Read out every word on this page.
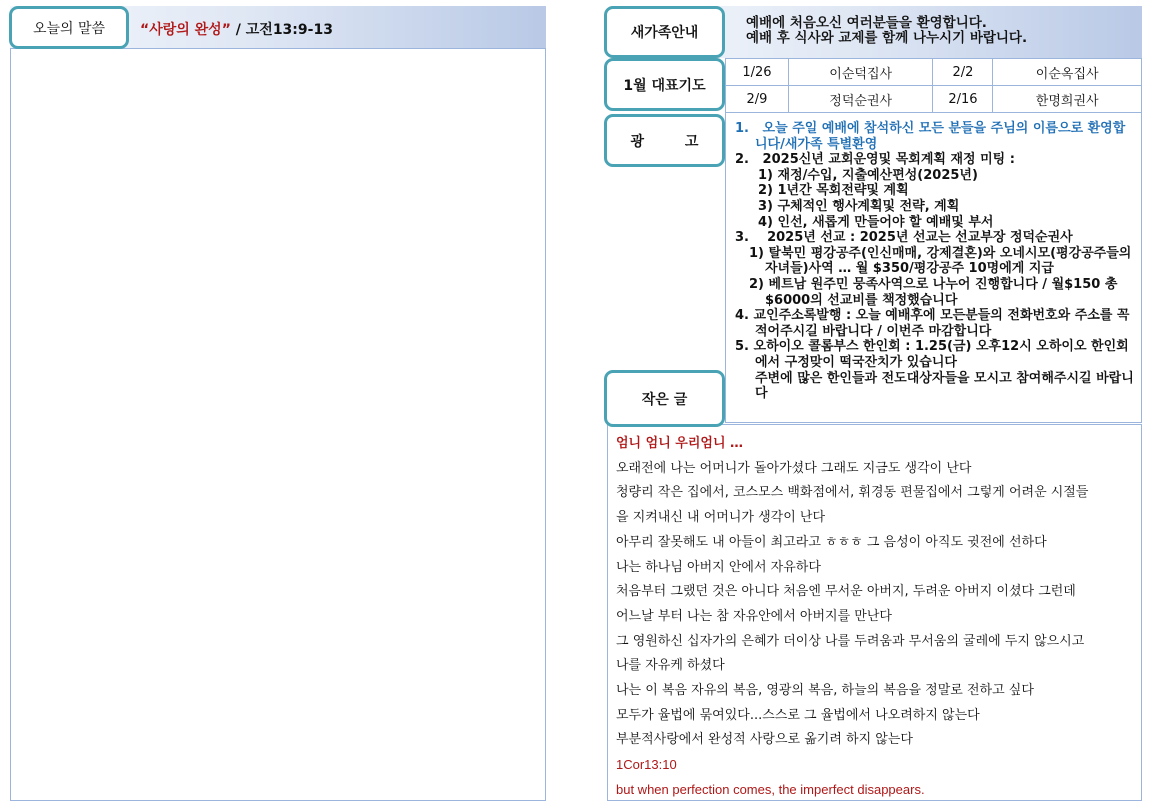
오늘의 말씀	“사랑의 완성” / 고전13:9-13	새가족안내
예배에 처음오신 여러분들을 환영합니다.
예배 후 식사와 교제를 함께 나누시기 바랍니다.
1월 대표기도
1/26	이순덕집사	2/2	이순옥집사
2/9	정덕순권사	2/16	한명희권사
광 고
1.   오늘 주일 예배에 참석하신 모든 분들을 주님의 이름으로 환영합니다/새가족 특별환영
2.   2025신년 교회운영및 목회계획 재정 미팅 :
1) 재정/수입, 지출예산편성(2025년)
2) 1년간 목회전략및 계획
3) 구체적인 행사계획및 전략, 계획
4) 인선, 새롭게 만들어야 할 예배및 부서
3.    2025년 선교 : 2025년 선교는 선교부장 정덕순권사
1) 탈북민 평강공주(인신매매, 강제결혼)와 오네시모(평강공주들의 자녀들)사역 … 월 $350/평강공주 10명에게 지급
2) 베트남 원주민 뭉족사역으로 나누어 진행합니다 / 월$150 총 $6000의 선교비를 책정했습니다
4. 교인주소록발행 : 오늘 예배후에 모든분들의 전화번호와 주소를 꼭 적어주시길 바랍니다 / 이번주 마감합니다
5. 오하이오 콜롬부스 한인회 : 1.25(금) 오후12시 오하이오 한인회에서 구정맞이 떡국잔치가 있습니다
주변에 많은 한인들과 전도대상자들을 모시고 참여해주시길 바랍니다
작은 글
엄니 엄니 우리엄니 …
오래전에 나는 어머니가 돌아가셨다 그래도 지금도 생각이 난다
청량리 작은 집에서, 코스모스 백화점에서, 휘경동 편물집에서 그렇게 어려운 시절들
을 지켜내신 내 어머니가 생각이 난다
아무리 잘못해도 내 아들이 최고라고 ㅎㅎㅎ 그 음성이 아직도 귓전에 선하다
나는 하나님 아버지 안에서 자유하다
처음부터 그랬던 것은 아니다 처음엔 무서운 아버지, 두려운 아버지 이셨다 그런데
어느날 부터 나는 참 자유안에서 아버지를 만난다
그 영원하신 십자가의 은혜가 더이상 나를 두려움과 무서움의 굴레에 두지 않으시고
나를 자유케 하셨다
나는 이 복음 자유의 복음, 영광의 복음, 하늘의 복음을 정말로 전하고 싶다
모두가 율법에 묶여있다...스스로 그 율법에서 나오려하지 않는다
부분적사랑에서 완성적 사랑으로 옮기려 하지 않는다
1Cor13:10
but when perfection comes, the imperfect disappears.
